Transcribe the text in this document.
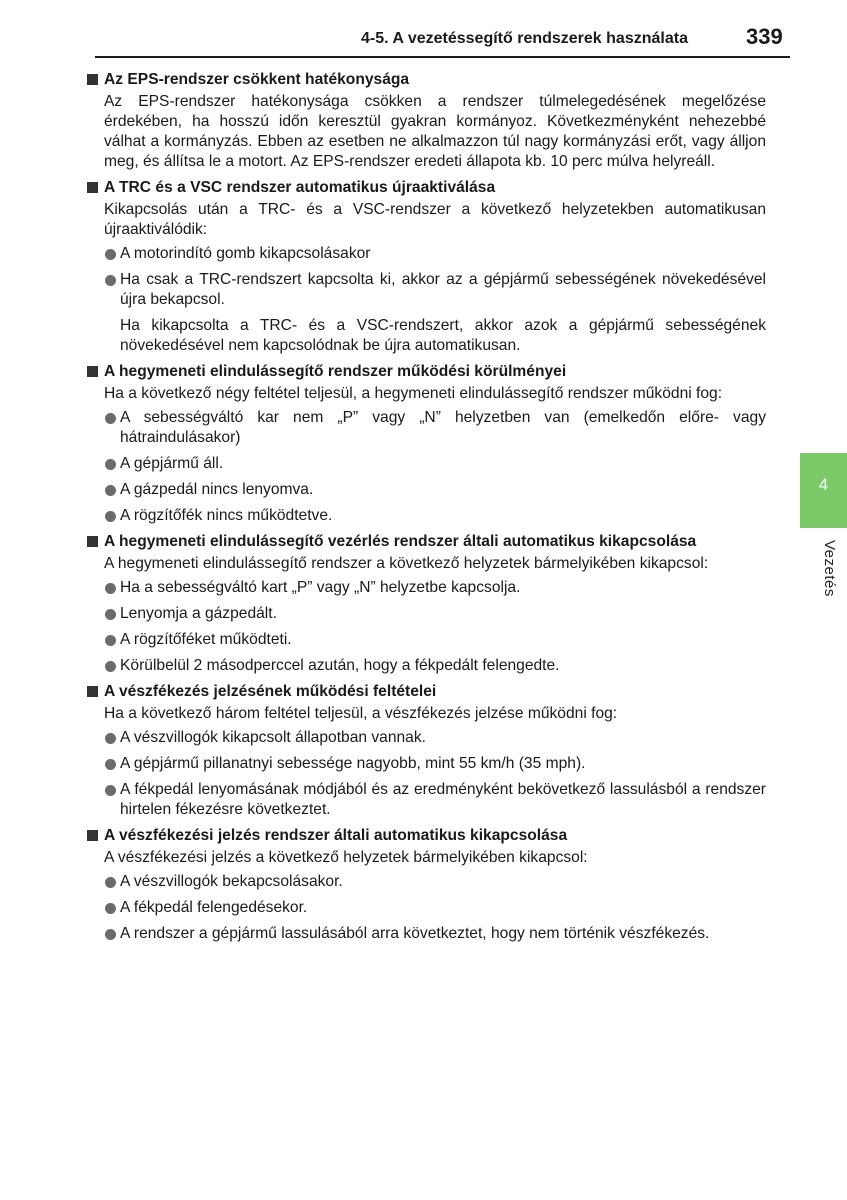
4-5. A vezetéssegítő rendszerek használata	339
4
Vezetés
Az EPS-rendszer csökkent hatékonysága

Az EPS-rendszer hatékonysága csökken a rendszer túlmelegedésének megelőzése érdekében, ha hosszú időn keresztül gyakran kormányoz. Következményként nehezebbé válhat a kormányzás. Ebben az esetben ne alkalmazzon túl nagy kormányzási erőt, vagy álljon meg, és állítsa le a motort. Az EPS-rendszer eredeti állapota kb. 10 perc múlva helyreáll.

A TRC és a VSC rendszer automatikus újraaktiválása

Kikapcsolás után a TRC- és a VSC-rendszer a következő helyzetekben automatikusan újraaktiválódik:

A motorindító gomb kikapcsolásakor
Ha csak a TRC-rendszert kapcsolta ki, akkor az a gépjármű sebességének növekedésével újra bekapcsol.

Ha kikapcsolta a TRC- és a VSC-rendszert, akkor azok a gépjármű sebességének növekedésével nem kapcsolódnak be újra automatikusan.

A hegymeneti elindulássegítő rendszer működési körülményei

Ha a következő négy feltétel teljesül, a hegymeneti elindulássegítő rendszer működni fog:

A sebességváltó kar nem „P” vagy „N” helyzetben van (emelkedőn előre- vagy hátraindulásakor)
A gépjármű áll.
A gázpedál nincs lenyomva.
A rögzítőfék nincs működtetve.
A hegymeneti elindulássegítő vezérlés rendszer általi automatikus kikapcsolása

A hegymeneti elindulássegítő rendszer a következő helyzetek bármelyikében kikapcsol:

Ha a sebességváltó kart „P” vagy „N” helyzetbe kapcsolja.
Lenyomja a gázpedált.
A rögzítőféket működteti.
Körülbelül 2 másodperccel azután, hogy a fékpedált felengedte.
A vészfékezés jelzésének működési feltételei

Ha a következő három feltétel teljesül, a vészfékezés jelzése működni fog:

A vészvillogók kikapcsolt állapotban vannak.
A gépjármű pillanatnyi sebessége nagyobb, mint 55 km/h (35 mph).
A fékpedál lenyomásának módjából és az eredményként bekövetkező lassulásból a rendszer hirtelen fékezésre következtet.
A vészfékezési jelzés rendszer általi automatikus kikapcsolása

A vészfékezési jelzés a következő helyzetek bármelyikében kikapcsol:

A vészvillogók bekapcsolásakor.
A fékpedál felengedésekor.
A rendszer a gépjármű lassulásából arra következtet, hogy nem történik vészfékezés.
